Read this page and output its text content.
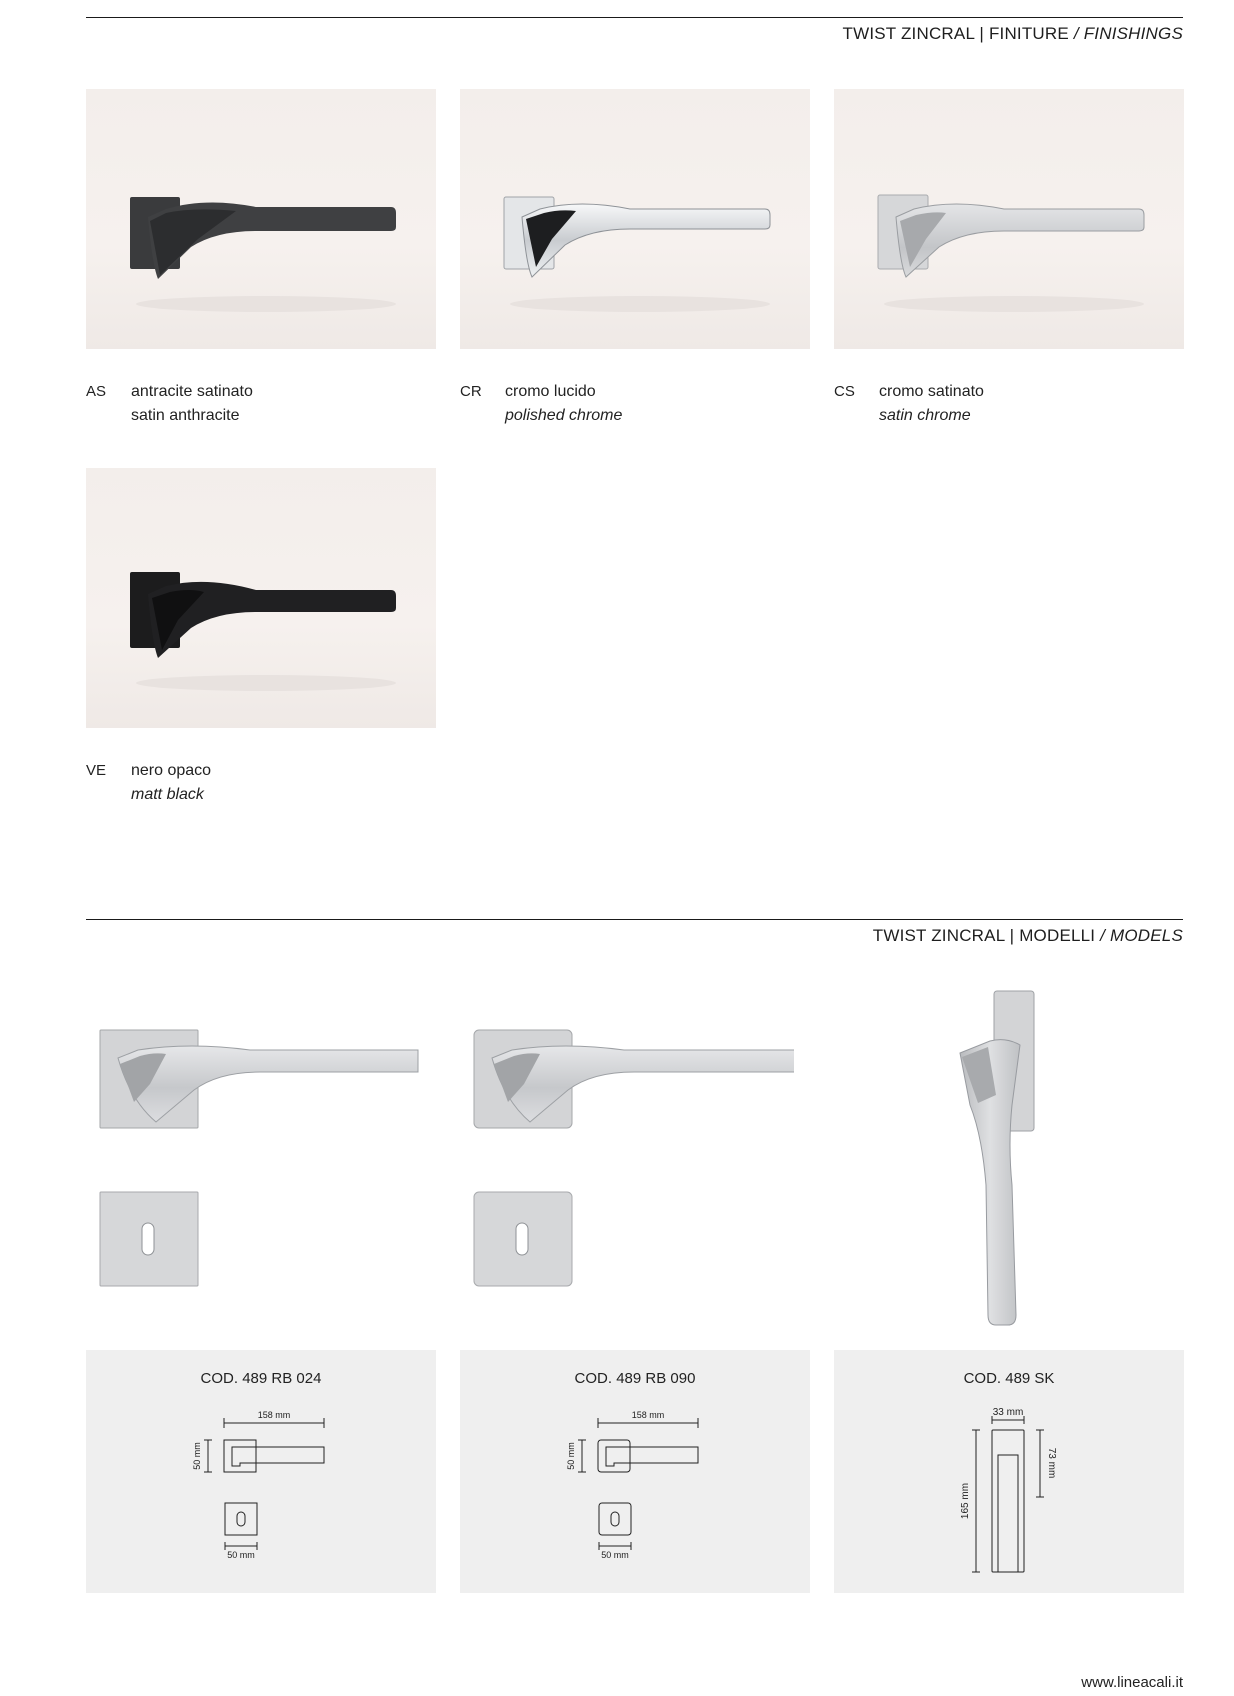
TWIST ZINCRAL | FINITURE / FINISHINGS
AS antracite satinato
satin anthracite
CR cromo lucido
polished chrome
CS cromo satinato
satin chrome
VE nero opaco
matt black
TWIST ZINCRAL | MODELLI / MODELS
COD. 489 RB 024
158 mm
50 mm
50 mm
COD. 489 RB 090
158 mm
50 mm
50 mm
COD. 489 SK
33 mm
165 mm
73 mm
www.lineacali.it
